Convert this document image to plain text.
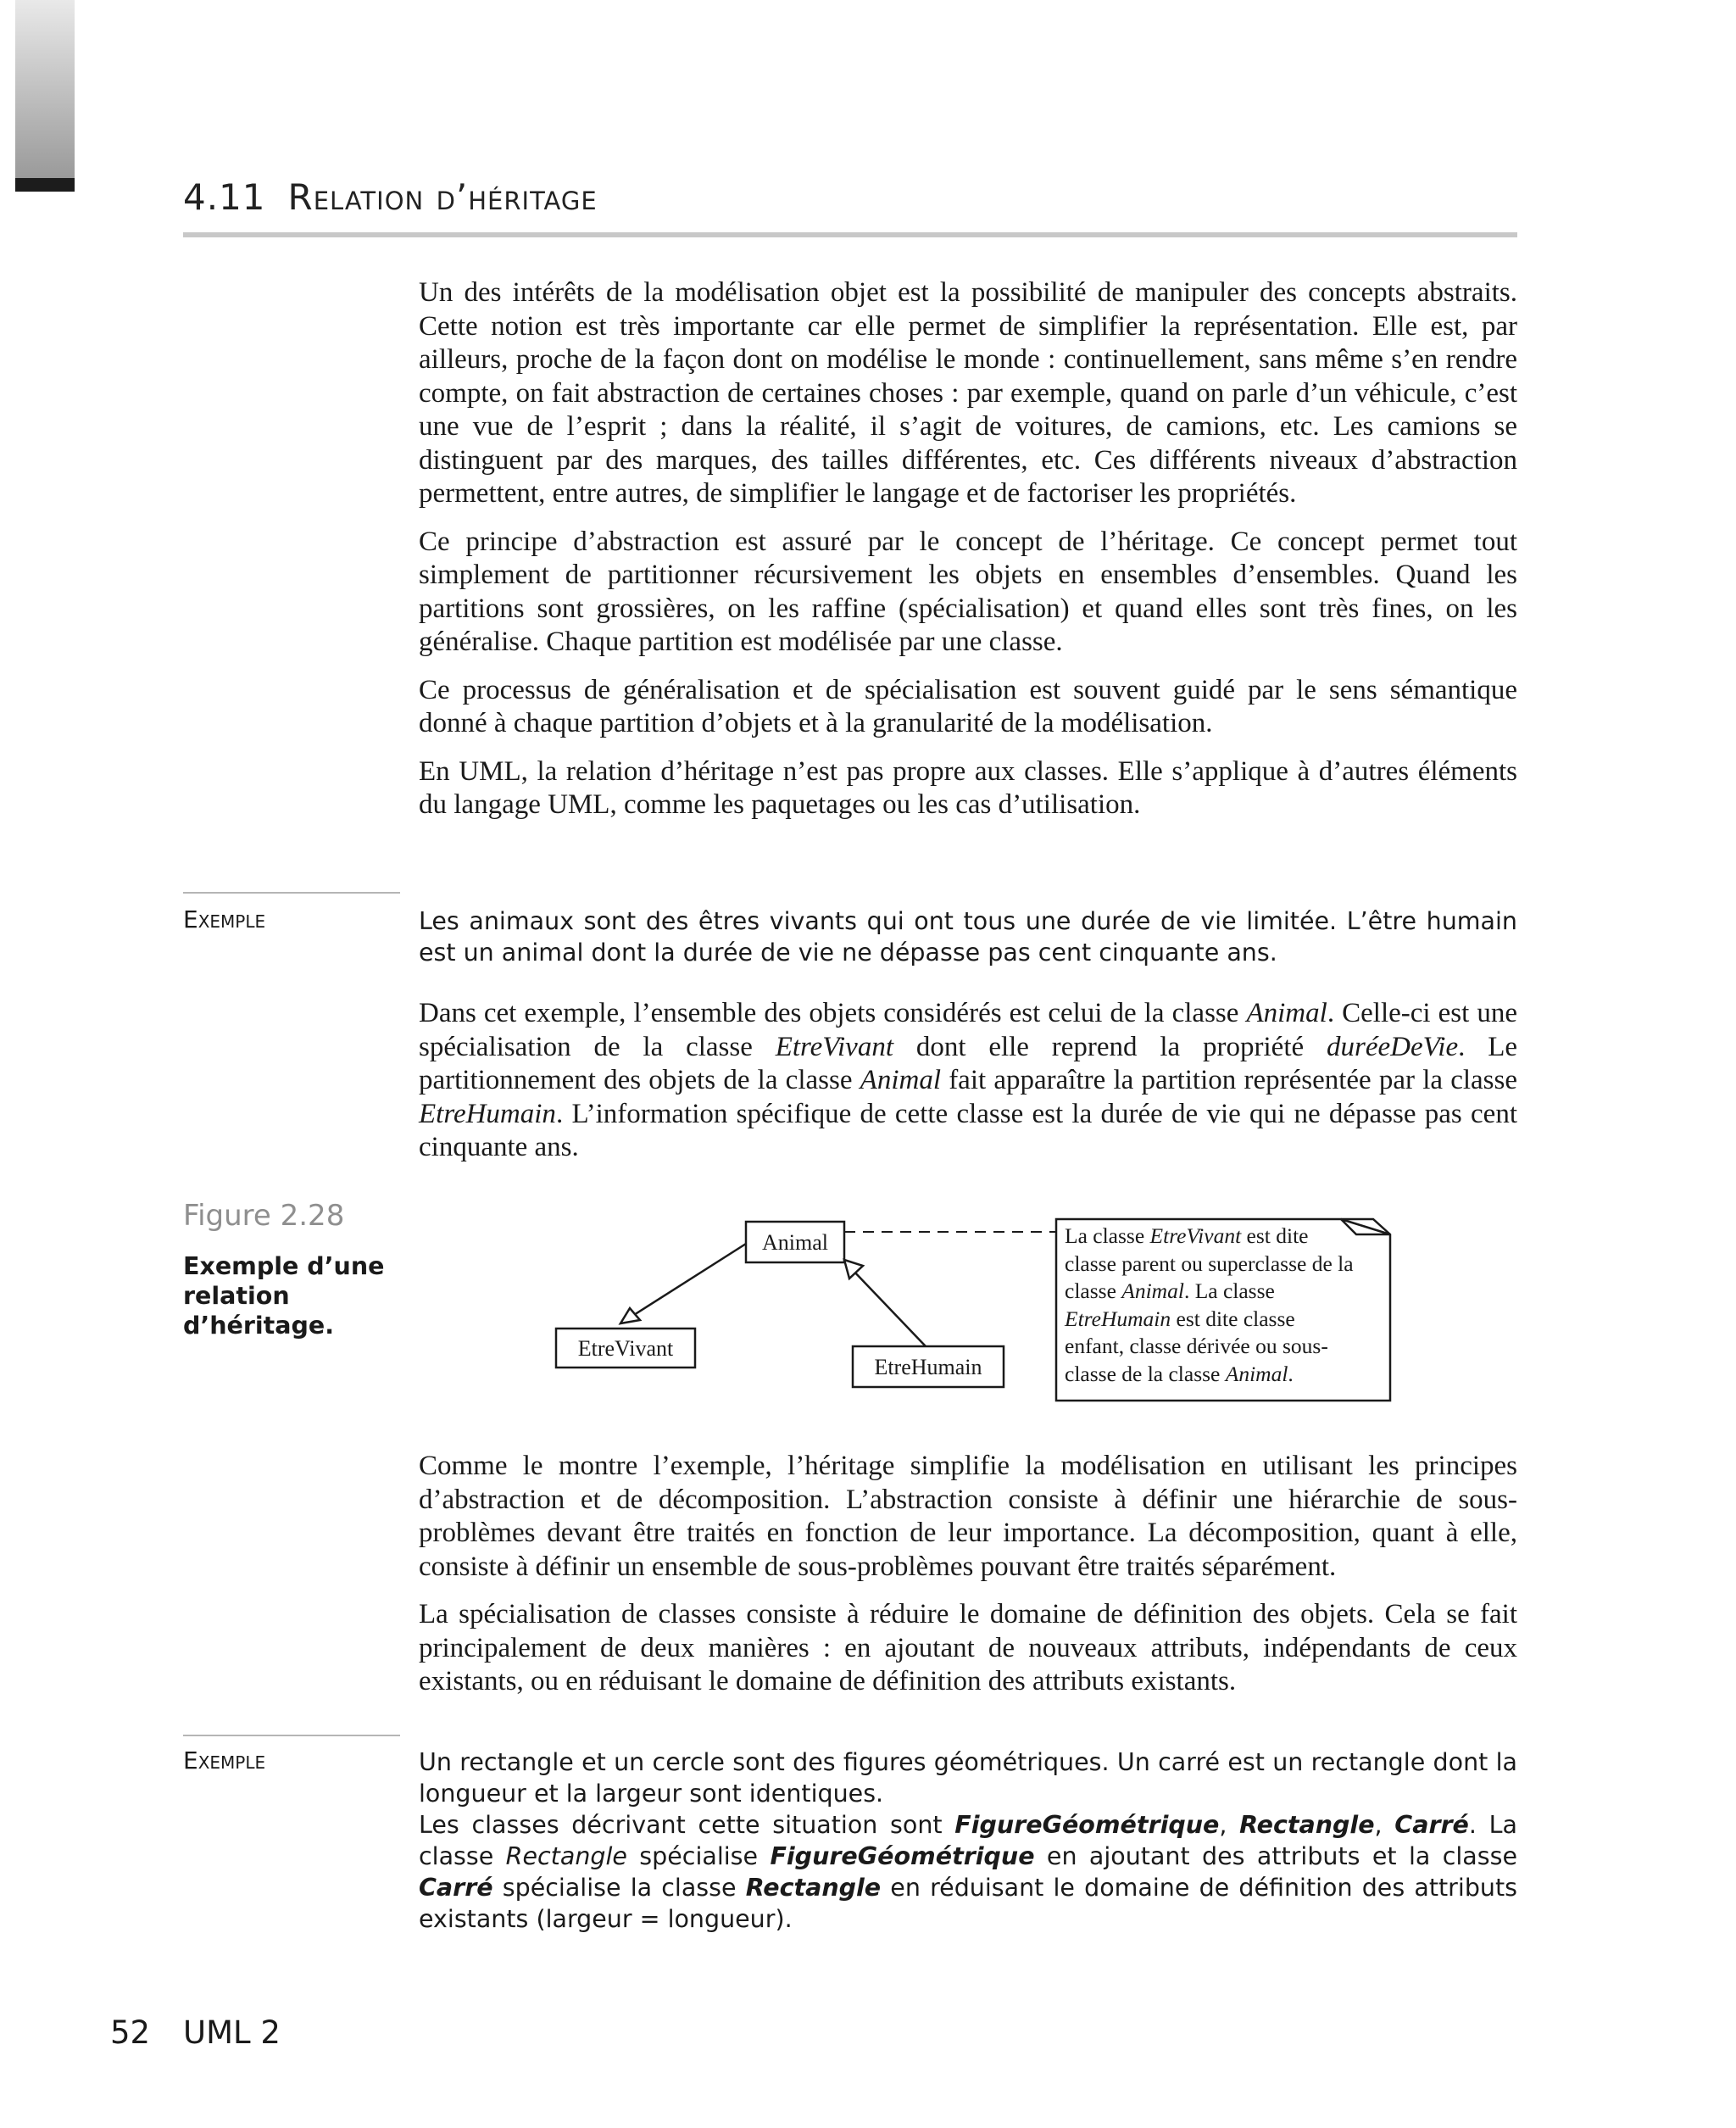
4.11 Relation d’héritage

Un des intérêts de la modélisation objet est la possibilité de manipuler des concepts abstraits. Cette notion est très importante car elle permet de simplifier la représentation. Elle est, par ailleurs, proche de la façon dont on modélise le monde : continuellement, sans même s’en rendre compte, on fait abstraction de certaines choses : par exemple, quand on parle d’un véhicule, c’est une vue de l’esprit ; dans la réalité, il s’agit de voitures, de camions, etc. Les camions se distinguent par des marques, des tailles différentes, etc. Ces différents niveaux d’abstraction permettent, entre autres, de simplifier le langage et de factoriser les propriétés.

Ce principe d’abstraction est assuré par le concept de l’héritage. Ce concept permet tout simplement de partitionner récursivement les objets en ensembles d’ensembles. Quand les partitions sont grossières, on les raffine (spécialisation) et quand elles sont très fines, on les généralise. Chaque partition est modélisée par une classe.

Ce processus de généralisation et de spécialisation est souvent guidé par le sens sémantique donné à chaque partition d’objets et à la granularité de la modélisation.

En UML, la relation d’héritage n’est pas propre aux classes. Elle s’applique à d’autres éléments du langage UML, comme les paquetages ou les cas d’utilisation.

Exemple	Les animaux sont des êtres vivants qui ont tous une durée de vie limitée. L’être humain est un animal dont la durée de vie ne dépasse pas cent cinquante ans.

Dans cet exemple, l’ensemble des objets considérés est celui de la classe Animal. Celle-ci est une spécialisation de la classe EtreVivant dont elle reprend la propriété duréeDeVie. Le partitionnement des objets de la classe Animal fait apparaître la partition représentée par la classe EtreHumain. L’information spécifique de cette classe est la durée de vie qui ne dépasse pas cent cinquante ans.

Figure 2.28
Exemple d’une relation d’héritage.
Animal
EtreVivant
EtreHumain
La classe EtreVivant est dite classe parent ou superclasse de la classe Animal. La classe EtreHumain est dite classe enfant, classe dérivée ou sous-classe de la classe Animal.

Comme le montre l’exemple, l’héritage simplifie la modélisation en utilisant les principes d’abstraction et de décomposition. L’abstraction consiste à définir une hiérarchie de sous-problèmes devant être traités en fonction de leur importance. La décomposition, quant à elle, consiste à définir un ensemble de sous-problèmes pouvant être traités séparément.

La spécialisation de classes consiste à réduire le domaine de définition des objets. Cela se fait principalement de deux manières : en ajoutant de nouveaux attributs, indépendants de ceux existants, ou en réduisant le domaine de définition des attributs existants.

Exemple	Un rectangle et un cercle sont des figures géométriques. Un carré est un rectangle dont la longueur et la largeur sont identiques.

Les classes décrivant cette situation sont FigureGéométrique, Rectangle, Carré. La classe Rectangle spécialise FigureGéométrique en ajoutant des attributs et la classe Carré spécialise la classe Rectangle en réduisant le domaine de définition des attributs existants (largeur = longueur).

52 UML 2
